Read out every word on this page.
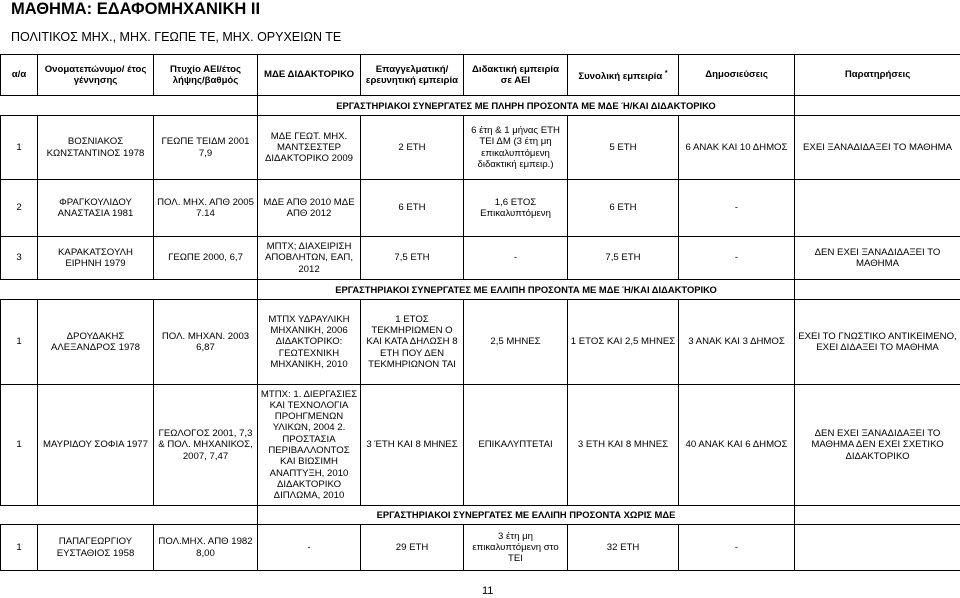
ΜΑΘΗΜΑ: ΕΔΑΦΟΜΗΧΑΝΙΚΗ ΙΙ
ΠΟΛΙΤΙΚΟΣ ΜΗΧ., ΜΗΧ. ΓΕΩΠΕ ΤΕ, ΜΗΧ. ΟΡΥΧΕΙΩΝ ΤΕ
α/α	Ονοματεπώνυμο/ έτος γέννησης	Πτυχίο ΑΕΙ/έτος λήψης/βαθμός	ΜΔΕ ΔΙΔΑΚΤΟΡΙΚΟ	Επαγγελματική/ ερευνητική εμπειρία	Διδακτική εμπειρία σε ΑΕΙ	Συνολική εμπειρία *	Δημοσιεύσεις	Παρατηρήσεις
			ΕΡΓΑΣΤΗΡΙΑΚΟΙ ΣΥΝΕΡΓΑΤΕΣ ΜΕ ΠΛΗΡΗ ΠΡΟΣΟΝΤΑ ΜΕ ΜΔΕ Ή/ΚΑΙ ΔΙΔΑΚΤΟΡΙΚΟ					
1	ΒΟΣΝΙΑΚΟΣ ΚΩΝΣΤΑΝΤΙΝΟΣ 1978	ΓΕΩΠΕ ΤΕΙΔΜ 2001 7,9	ΜΔΕ ΓΕΩΤ. ΜΗΧ. ΜΑΝΤΣΕΣΤΕΡ ΔΙΔΑΚΤΟΡΙΚΟ 2009	2 ΕΤΗ	6 έτη & 1 μήνας ΕΤΗ ΤΕΙ ΔΜ (3 έτη μη επικαλυπτόμενη διδακτική εμπειρ.)	5 ΕΤΗ	6 ΑΝΑΚ ΚΑΙ 10 ΔΗΜΟΣ	ΕΧΕΙ ΞΑΝΑΔΙΔΑΞΕΙ ΤΟ ΜΑΘΗΜΑ
2	ΦΡΑΓΚΟΥΛΙΔΟΥ ΑΝΑΣΤΑΣΙΑ 1981	ΠΟΛ. ΜΗΧ. ΑΠΘ 2005 7.14	ΜΔΕ ΑΠΘ 2010 ΜΔΕ ΑΠΘ 2012	6 ΕΤΗ	1,6 ΕΤΟΣ Επικαλυπτόμενη	6 ΕΤΗ	-	
3	ΚΑΡΑΚΑΤΣΟΥΛΗ ΕΙΡΗΝΗ 1979	ΓΕΩΠΕ 2000, 6,7	ΜΠΤΧ; ΔΙΑΧΕΙΡΙΣΗ ΑΠΟΒΛΗΤΩΝ, ΕΑΠ, 2012	7,5 ΕΤΗ	-	7,5 ΕΤΗ	-	ΔΕΝ ΕΧΕΙ ΞΑΝΑΔΙΔΑΞΕΙ ΤΟ ΜΑΘΗΜΑ
			ΕΡΓΑΣΤΗΡΙΑΚΟΙ ΣΥΝΕΡΓΑΤΕΣ ΜΕ ΕΛΛΙΠΗ ΠΡΟΣΟΝΤΑ ΜΕ ΜΔΕ Ή/ΚΑΙ ΔΙΔΑΚΤΟΡΙΚΟ					
1	ΔΡΟΥΔΑΚΗΣ ΑΛΕΞΑΝΔΡΟΣ 1978	ΠΟΛ. ΜΗΧΑΝ. 2003 6,87	ΜΤΠΧ ΥΔΡΑΥΛΙΚΗ ΜΗΧΑΝΙΚΗ, 2006 ΔΙΔΑΚΤΟΡΙΚΟ: ΓΕΩΤΕΧΝΙΚΗ ΜΗΧΑΝΙΚΗ, 2010	1 ΕΤΟΣ ΤΕΚΜΗΡΙΩΜΕΝ Ο ΚΑΙ ΚΑΤΑ ΔΗΛΩΣΗ 8 ΕΤΗ ΠΟΥ ΔΕΝ ΤΕΚΜΗΡΙΩΝΟΝ ΤΑΙ	2,5 ΜΗΝΕΣ	1 ΕΤΟΣ ΚΑΙ 2,5 ΜΗΝΕΣ	3 ΑΝΑΚ ΚΑΙ 3 ΔΗΜΟΣ	ΕΧΕΙ ΤΟ ΓΝΩΣΤΙΚΟ ΑΝΤΙΚΕΙΜΕΝΟ, ΕΧΕΙ ΔΙΔΑΞΕΙ ΤΟ ΜΑΘΗΜΑ
1	ΜΑΥΡΙΔΟΥ ΣΟΦΙΑ 1977	ΓΕΩΛΟΓΟΣ 2001, 7,3 & ΠΟΛ. ΜΗΧΑΝΙΚΟΣ, 2007, 7,47	ΜΤΠΧ: 1. ΔΙΕΡΓΑΣΙΕΣ ΚΑΙ ΤΕΧΝΟΛΟΓΙΑ ΠΡΟΗΓΜΕΝΩΝ ΥΛΙΚΩΝ, 2004 2. ΠΡΟΣΤΑΣΙΑ ΠΕΡΙΒΑΛΛΟΝΤΟΣ ΚΑΙ ΒΙΩΣΙΜΗ ΑΝΑΠΤΥΞΗ, 2010 ΔΙΔΑΚΤΟΡΙΚΟ ΔΙΠΛΩΜΑ, 2010	3 ΈΤΗ ΚΑΙ 8 ΜΗΝΕΣ	ΕΠΙΚΑΛΥΠΤΕΤΑΙ	3 ΕΤΗ ΚΑΙ 8 ΜΗΝΕΣ	40 ΑΝΑΚ ΚΑΙ 6 ΔΗΜΟΣ	ΔΕΝ ΕΧΕΙ ΞΑΝΑΔΙΔΑΞΕΙ ΤΟ ΜΑΘΗΜΑ ΔΕΝ ΕΧΕΙ ΣΧΕΤΙΚΟ ΔΙΔΑΚΤΟΡΙΚΟ
			ΕΡΓΑΣΤΗΡΙΑΚΟΙ ΣΥΝΕΡΓΑΤΕΣ ΜΕ ΕΛΛΙΠΗ ΠΡΟΣΟΝΤΑ ΧΩΡΙΣ ΜΔΕ					
1	ΠΑΠΑΓΕΩΡΓΙΟΥ ΕΥΣΤΑΘΙΟΣ 1958	ΠΟΛ.ΜΗΧ. ΑΠΘ 1982 8,00	-	29 ΕΤΗ	3 έτη μη επικαλυπτόμενη στο ΤΕΙ	32 ΕΤΗ	-	
11
